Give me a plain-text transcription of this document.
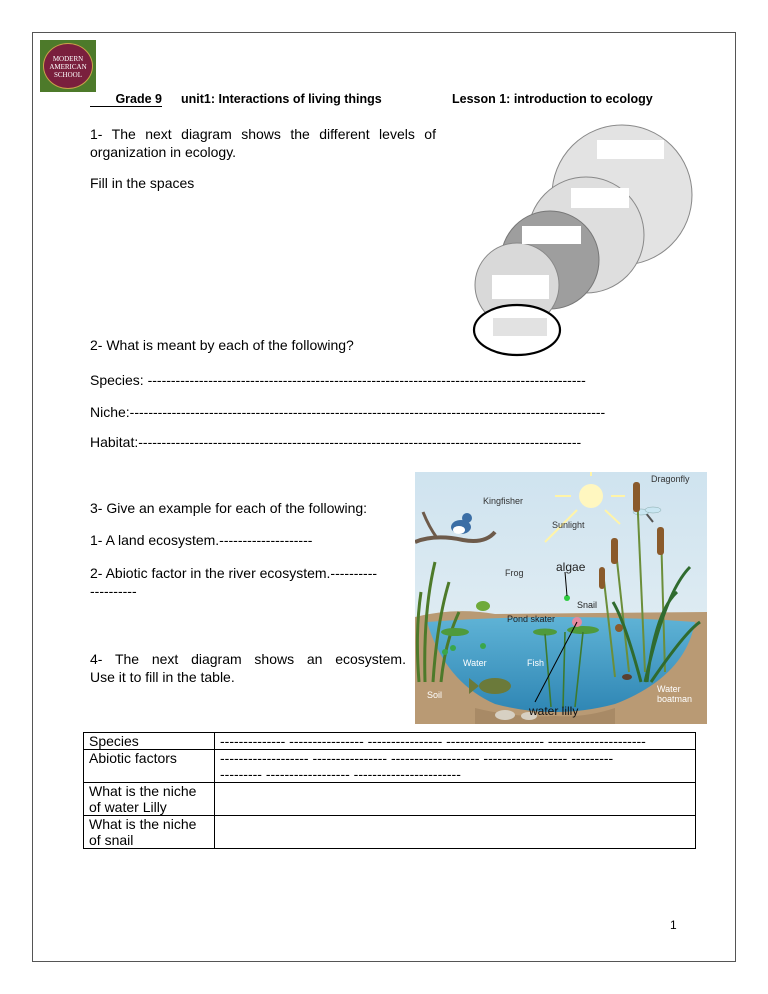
MODERN
AMERICAN
SCHOOL
Grade 9 unit1: Interactions of living things	Lesson 1: introduction to ecology
1- The next diagram shows the different levels of
organization in ecology.
Fill in the spaces
2- What is meant by each of the following?
Species: ----------------------------------------------------------------------------------------------
Niche:------------------------------------------------------------------------------------------------------
Habitat:-----------------------------------------------------------------------------------------------
3- Give an example for each of the following:
1- A land ecosystem.--------------------
2- Abiotic factor in the river ecosystem.----------
----------
4- The next diagram shows an ecosystem.
Use it to fill in the table.
Dragonfly
Kingfisher
Sunlight
Frog	algae
Snail
Pond skater
Water	Fish
Soil
water lilly
Water
boatman
Species	-------------- ---------------- ---------------- --------------------- ---------------------

Abiotic factors	------------------- ---------------- ------------------- ------------------ ---------
--------- ------------------ -----------------------

What is the niche of water Lilly	
What is the niche of snail	
1
